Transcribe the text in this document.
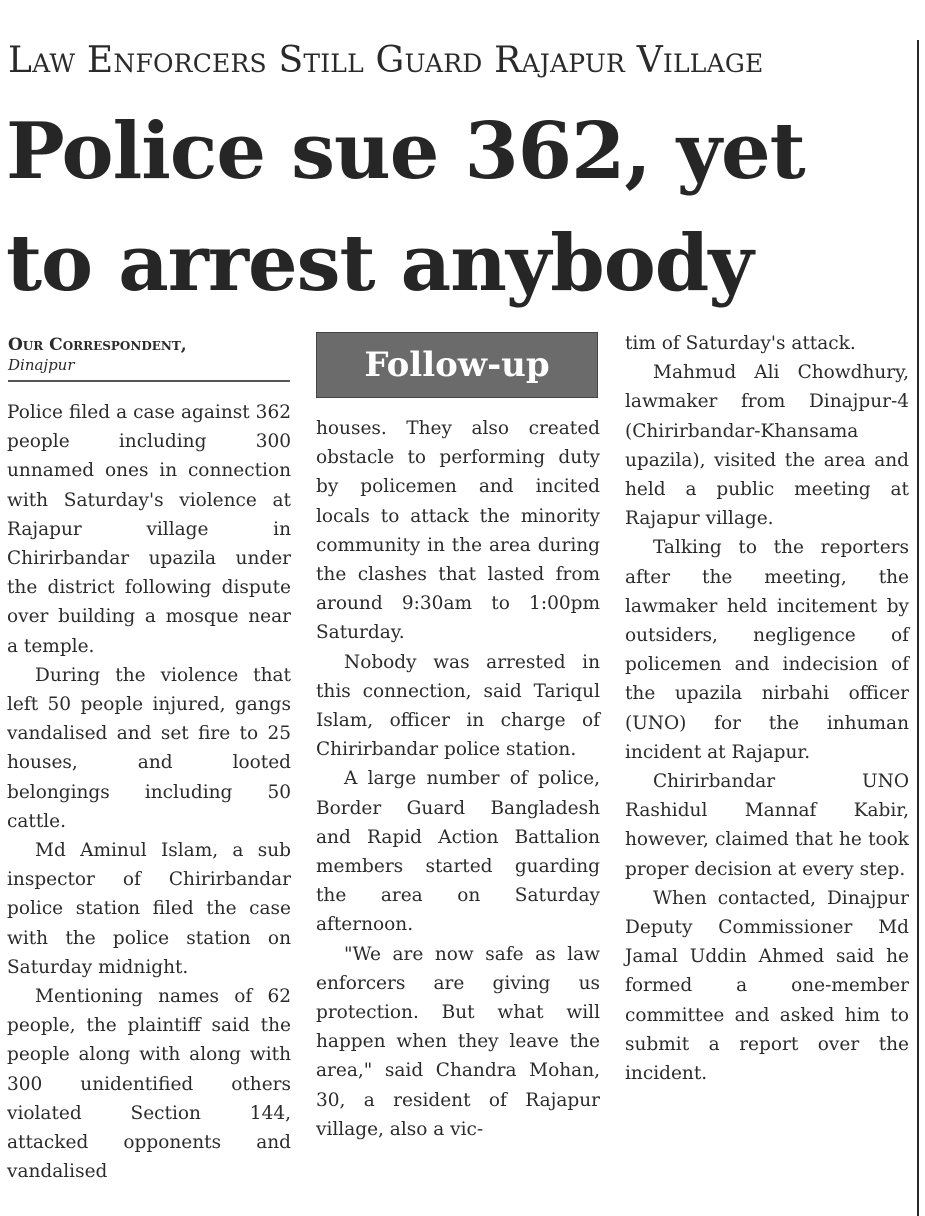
Law Enforcers Still Guard Rajapur Village
Police sue 362, yet to arrest anybody
Our Correspondent,
Dinajpur	Follow-up

Police filed a case against 362 people including 300 unnamed ones in connection with Saturday's violence at Rajapur village in Chirirbandar upazila under the district following dispute over building a mosque near a temple.

During the violence that left 50 people injured, gangs vandalised and set fire to 25 houses, and looted belongings including 50 cattle.

Md Aminul Islam, a sub inspector of Chirirbandar police station filed the case with the police station on Saturday midnight.

Mentioning names of 62 people, the plaintiff said the people along with along with 300 unidentified others violated Section 144, attacked opponents and vandalised

houses. They also created obstacle to performing duty by policemen and incited locals to attack the minority community in the area during the clashes that lasted from around 9:30am to 1:00pm Saturday.

Nobody was arrested in this connection, said Tariqul Islam, officer in charge of Chirirbandar police station.

A large number of police, Border Guard Bangladesh and Rapid Action Battalion members started guarding the area on Saturday afternoon.

"We are now safe as law enforcers are giving us protection. But what will happen when they leave the area," said Chandra Mohan, 30, a resident of Rajapur village, also a vic-

tim of Saturday's attack.

Mahmud Ali Chowdhury, lawmaker from Dinajpur-4 (Chirirbandar-Khansama upazila), visited the area and held a public meeting at Rajapur village.

Talking to the reporters after the meeting, the lawmaker held incitement by outsiders, negligence of policemen and indecision of the upazila nirbahi officer (UNO) for the inhuman incident at Rajapur.

Chirirbandar UNO Rashidul Mannaf Kabir, however, claimed that he took proper decision at every step.

When contacted, Dinajpur Deputy Commissioner Md Jamal Uddin Ahmed said he formed a one-member committee and asked him to submit a report over the incident.
